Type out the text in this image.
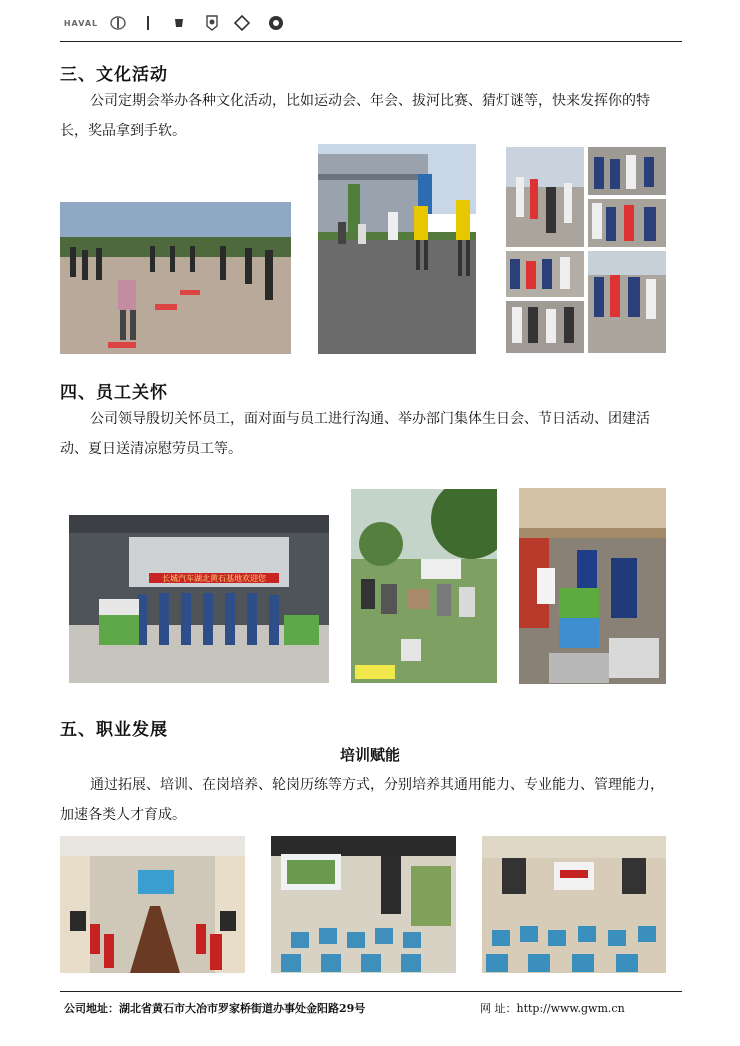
HAVAL
三、文化活动
公司定期会举办各种文化活动，比如运动会、年会、拔河比赛、猜灯谜等，快来发挥你的特长，奖品拿到手软。
四、员工关怀
公司领导殷切关怀员工，面对面与员工进行沟通、举办部门集体生日会、节日活动、团建活动、夏日送清凉慰劳员工等。
长城汽车湖北黄石基地欢迎您
五、职业发展
培训赋能
通过拓展、培训、在岗培养、轮岗历练等方式，分别培养其通用能力、专业能力、管理能力，加速各类人才育成。
公司地址：湖北省黄石市大冶市罗家桥街道办事处金阳路29号	网 址：http://www.gwm.cn
